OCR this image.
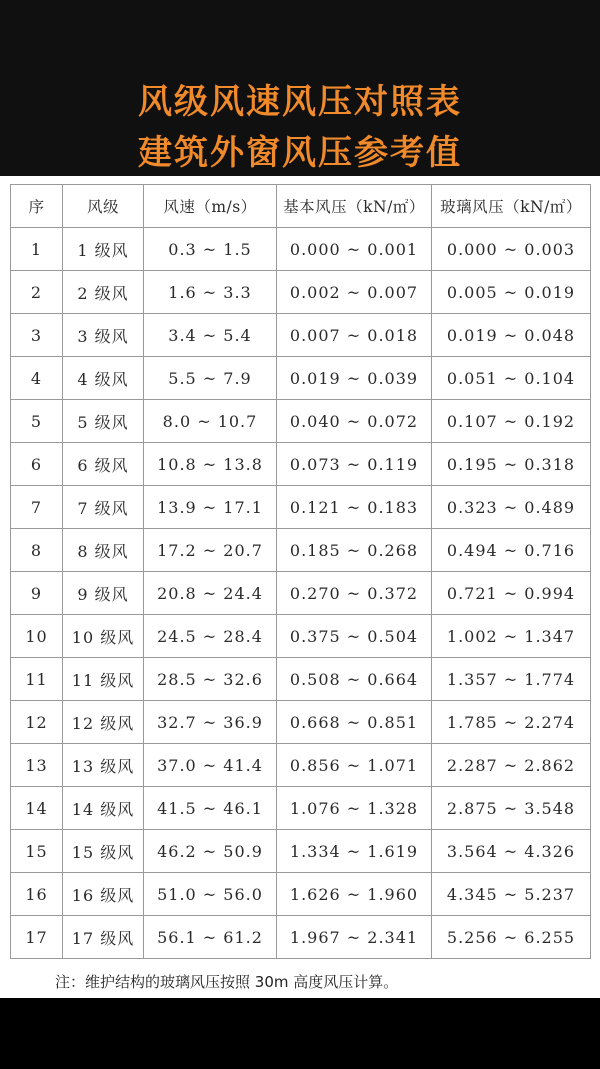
风级风速风压对照表
建筑外窗风压参考值
序	风级	风速（m/s）	基本风压（kN/㎡）	玻璃风压（kN/㎡）
1	1 级风	0.3 ~ 1.5	0.000 ~ 0.001	0.000 ~ 0.003
2	2 级风	1.6 ~ 3.3	0.002 ~ 0.007	0.005 ~ 0.019
3	3 级风	3.4 ~ 5.4	0.007 ~ 0.018	0.019 ~ 0.048
4	4 级风	5.5 ~ 7.9	0.019 ~ 0.039	0.051 ~ 0.104
5	5 级风	8.0 ~ 10.7	0.040 ~ 0.072	0.107 ~ 0.192
6	6 级风	10.8 ~ 13.8	0.073 ~ 0.119	0.195 ~ 0.318
7	7 级风	13.9 ~ 17.1	0.121 ~ 0.183	0.323 ~ 0.489
8	8 级风	17.2 ~ 20.7	0.185 ~ 0.268	0.494 ~ 0.716
9	9 级风	20.8 ~ 24.4	0.270 ~ 0.372	0.721 ~ 0.994
10	10 级风	24.5 ~ 28.4	0.375 ~ 0.504	1.002 ~ 1.347
11	11 级风	28.5 ~ 32.6	0.508 ~ 0.664	1.357 ~ 1.774
12	12 级风	32.7 ~ 36.9	0.668 ~ 0.851	1.785 ~ 2.274
13	13 级风	37.0 ~ 41.4	0.856 ~ 1.071	2.287 ~ 2.862
14	14 级风	41.5 ~ 46.1	1.076 ~ 1.328	2.875 ~ 3.548
15	15 级风	46.2 ~ 50.9	1.334 ~ 1.619	3.564 ~ 4.326
16	16 级风	51.0 ~ 56.0	1.626 ~ 1.960	4.345 ~ 5.237
17	17 级风	56.1 ~ 61.2	1.967 ~ 2.341	5.256 ~ 6.255
注：维护结构的玻璃风压按照 30m 高度风压计算。
